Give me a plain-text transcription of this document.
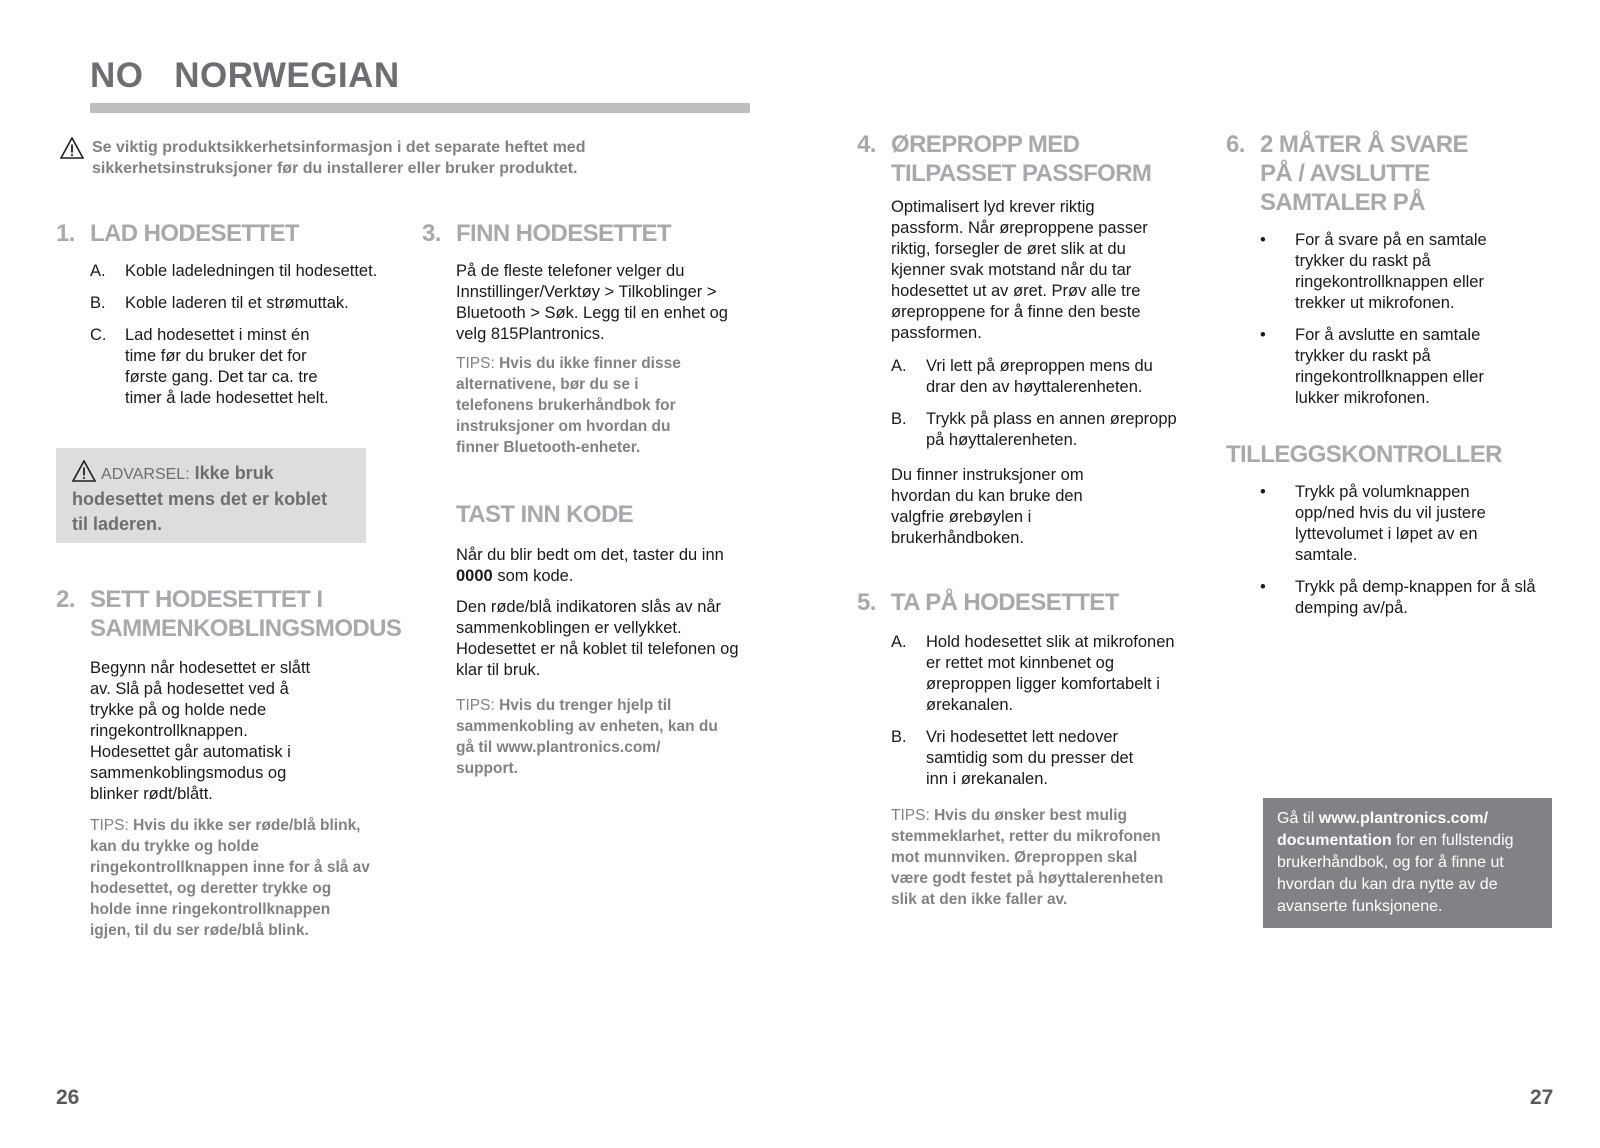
NO NORWEGIAN
Se viktig produktsikkerhetsinformasjon i det separate heftet med sikkerhetsinstruksjoner før du installerer eller bruker produktet.
1. LAD HODESETTET
A. Koble ladeledningen til hodesettet.
B. Koble laderen til et strømuttak.
C. Lad hodesettet i minst én time før du bruker det for første gang. Det tar ca. tre timer å lade hodesettet helt.
ADVARSEL: Ikke bruk hodesettet mens det er koblet til laderen.
2. SETT HODESETTET I SAMMENKOBLINGSMODUS

Begynn når hodesettet er slått av. Slå på hodesettet ved å trykke på og holde nede ringekontrollknappen. Hodesettet går automatisk i sammenkoblingsmodus og blinker rødt/blått.

TIPS: Hvis du ikke ser røde/blå blink, kan du trykke og holde ringekontrollknappen inne for å slå av hodesettet, og deretter trykke og holde inne ringekontrollknappen igjen, til du ser røde/blå blink.
3. FINN HODESETTET

På de fleste telefoner velger du Innstillinger/Verktøy > Tilkoblinger > Bluetooth > Søk. Legg til en enhet og velg 815Plantronics.

TIPS: Hvis du ikke finner disse alternativene, bør du se i telefonens brukerhåndbok for instruksjoner om hvordan du finner Bluetooth-enheter.
TAST INN KODE

Når du blir bedt om det, taster du inn 0000 som kode.

Den røde/blå indikatoren slås av når sammenkoblingen er vellykket. Hodesettet er nå koblet til telefonen og klar til bruk.

TIPS: Hvis du trenger hjelp til sammenkobling av enheten, kan du gå til www.plantronics.com/ support.
4. ØREPROPP MED TILPASSET PASSFORM

Optimalisert lyd krever riktig passform. Når øreproppene passer riktig, forsegler de øret slik at du kjenner svak motstand når du tar hodesettet ut av øret. Prøv alle tre øreproppene for å finne den beste passformen.

A. Vri lett på øreproppen mens du drar den av høyttalerenheten.
B. Trykk på plass en annen ørepropp på høyttalerenheten.

Du finner instruksjoner om hvordan du kan bruke den valgfrie ørebøylen i brukerhåndboken.

5. TA PÅ HODESETTET
A. Hold hodesettet slik at mikrofonen er rettet mot kinnbenet og øreproppen ligger komfortabelt i ørekanalen.
B. Vri hodesettet lett nedover samtidig som du presser det inn i ørekanalen.
TIPS: Hvis du ønsker best mulig stemmeklarhet, retter du mikrofonen mot munnviken. Øreproppen skal være godt festet på høyttalerenheten slik at den ikke faller av.
6. 2 MÅTER Å SVARE PÅ / AVSLUTTE SAMTALER PÅ
• For å svare på en samtale trykker du raskt på ringekontrollknappen eller trekker ut mikrofonen.
• For å avslutte en samtale trykker du raskt på ringekontrollknappen eller lukker mikrofonen.
TILLEGGSKONTROLLER
• Trykk på volumknappen opp/ned hvis du vil justere lyttevolumet i løpet av en samtale.
• Trykk på demp-knappen for å slå demping av/på.
Gå til www.plantronics.com/ documentation for en fullstendig brukerhåndbok, og for å finne ut hvordan du kan dra nytte av de avanserte funksjonene.
26	27
